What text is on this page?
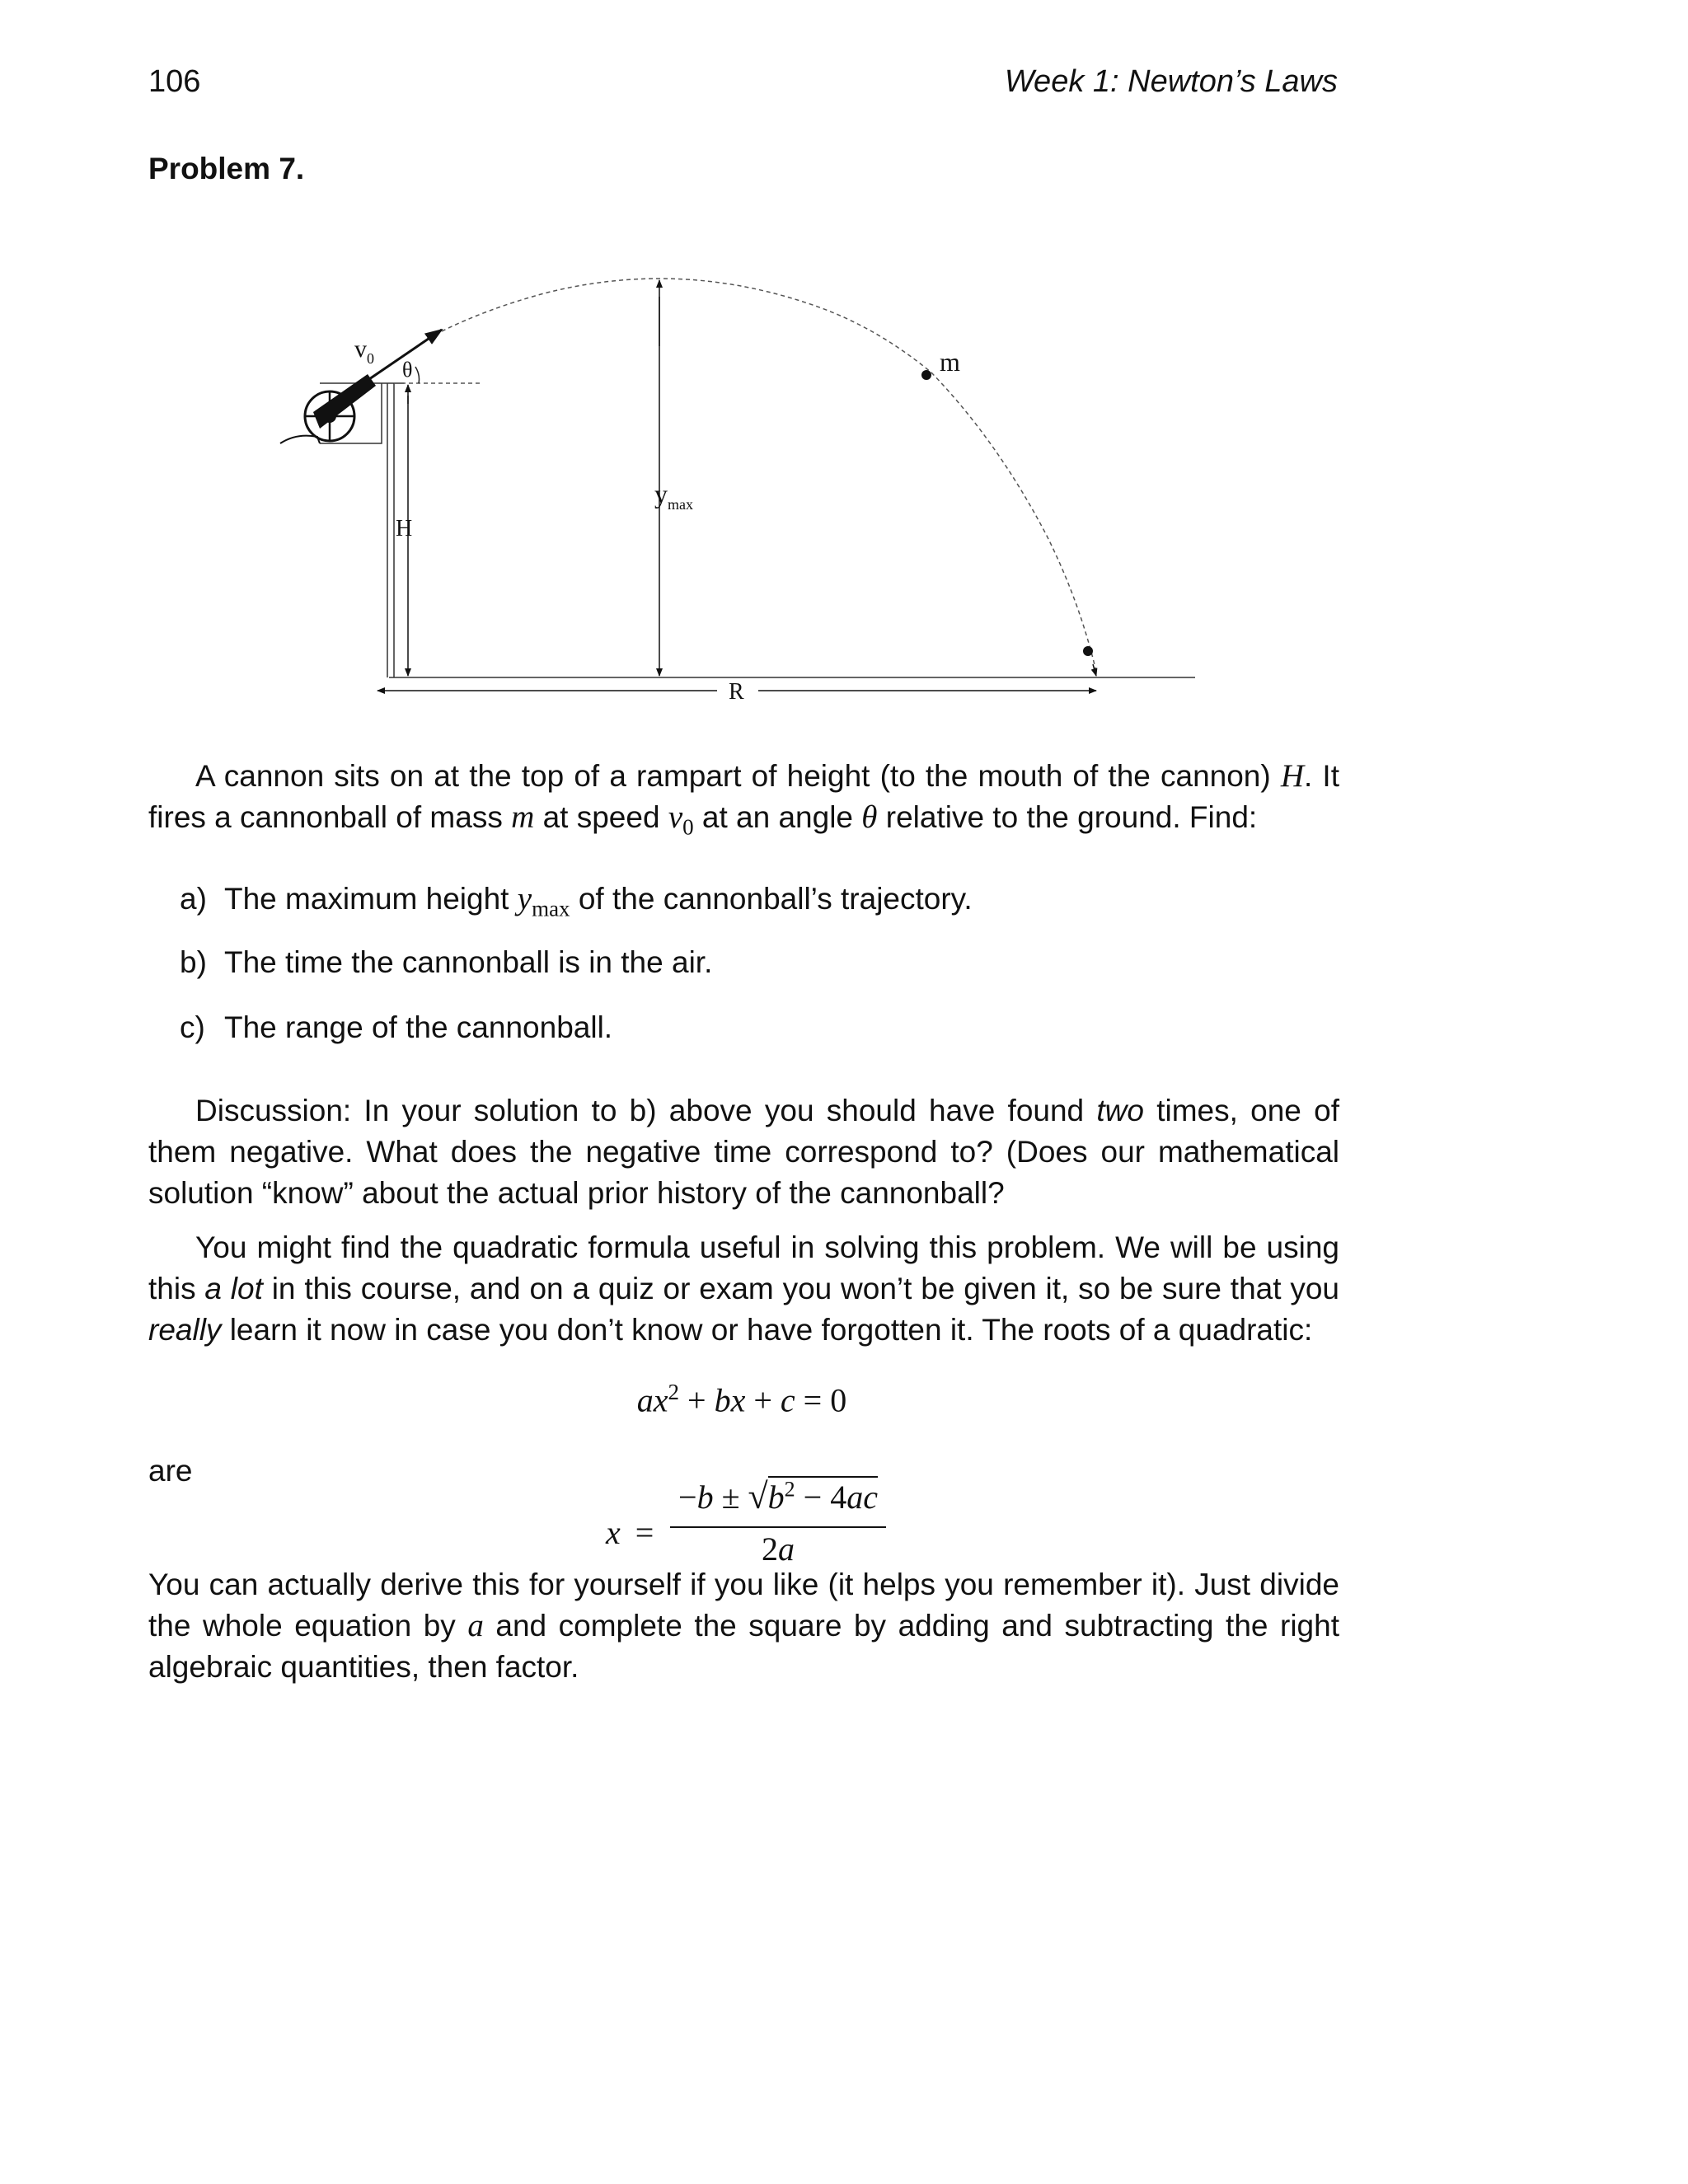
106	Week 1: Newton’s Laws
Problem 7.
$v_0$ θ	m
$y_{max}$
H
R
A cannon sits on at the top of a rampart of height (to the mouth of the cannon) H. It fires a cannonball of mass m at speed $v_0$ at an angle θ relative to the ground. Find:
a) The maximum height $y_{max}$ of the cannonball’s trajectory.
b) The time the cannonball is in the air.
c) The range of the cannonball.
Discussion: In your solution to b) above you should have found two times, one of them negative. What does the negative time correspond to? (Does our mathematical solution “know” about the actual prior history of the cannonball?
You might find the quadratic formula useful in solving this problem. We will be using this a lot in this course, and on a quiz or exam you won’t be given it, so be sure that you really learn it now in case you don’t know or have forgotten it. The roots of a quadratic:
$ax^2$ + bx + c = 0
are
x =
$-b \pm √b^2 - 4ac$
2a
You can actually derive this for yourself if you like (it helps you remember it). Just divide the whole equation by a and complete the square by adding and subtracting the right algebraic quantities, then factor.
